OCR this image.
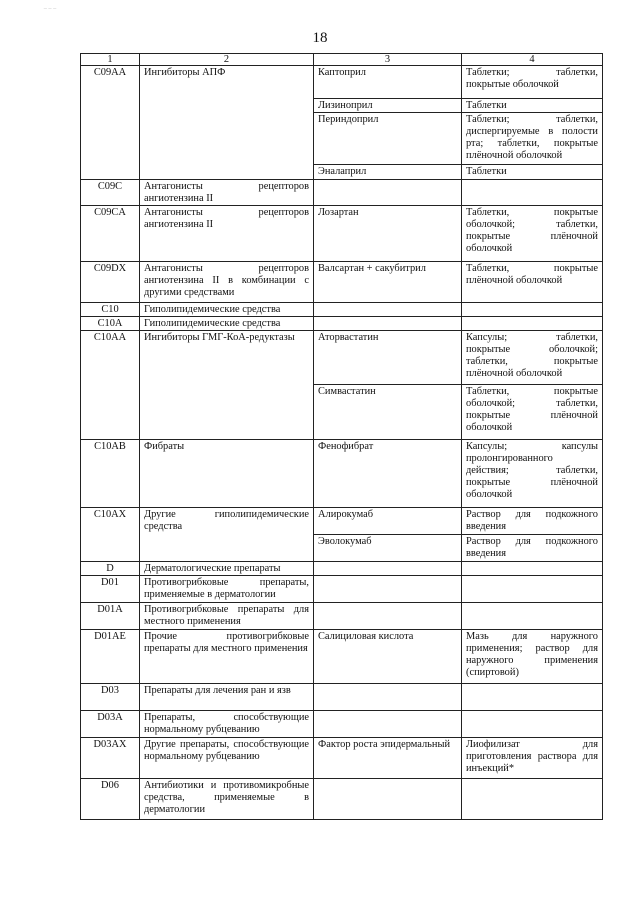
‾ ‾ ‾
18
1	2	3	4
C09AA	Ингибиторы АПФ	Каптоприл	Таблетки; таблетки, покрытые оболочкой
		Лизиноприл	Таблетки
		Периндоприл	Таблетки; таблетки, диспергируемые в полости рта; таблетки, покрытые плёночной оболочкой
		Эналаприл	Таблетки
C09C	Антагонисты рецепторов ангиотензина II		
C09CA	Антагонисты рецепторов ангиотензина II	Лозартан	Таблетки, покрытые оболочкой; таблетки, покрытые плёночной оболочкой
C09DX	Антагонисты рецепторов ангиотензина II в комбинации с другими средствами	Валсартан + сакубитрил	Таблетки, покрытые плёночной оболочкой
C10	Гиполипидемические средства		
C10A	Гиполипидемические средства		
C10AA	Ингибиторы ГМГ-КоА-редуктазы	Аторвастатин	Капсулы; таблетки, покрытые оболочкой; таблетки, покрытые плёночной оболочкой
		Симвастатин	Таблетки, покрытые оболочкой; таблетки, покрытые плёночной оболочкой
C10AB	Фибраты	Фенофибрат	Капсулы; капсулы пролонгированного действия; таблетки, покрытые плёночной оболочкой
C10AX	Другие гиполипидемические средства	Алирокумаб	Раствор для подкожного введения
		Эволокумаб	Раствор для подкожного введения
D	Дерматологические препараты		
D01	Противогрибковые препараты, применяемые в дерматологии		
D01A	Противогрибковые препараты для местного применения		
D01AE	Прочие противогрибковые препараты для местного применения	Салициловая кислота	Мазь для наружного применения; раствор для наружного применения (спиртовой)
D03	Препараты для лечения ран и язв		
D03A	Препараты, способствующие нормальному рубцеванию		
D03AX	Другие препараты, способствующие нормальному рубцеванию	Фактор роста эпидермальный	Лиофилизат для приготовления раствора для инъекций*
D06	Антибиотики и противомикробные средства, применяемые в дерматологии		
